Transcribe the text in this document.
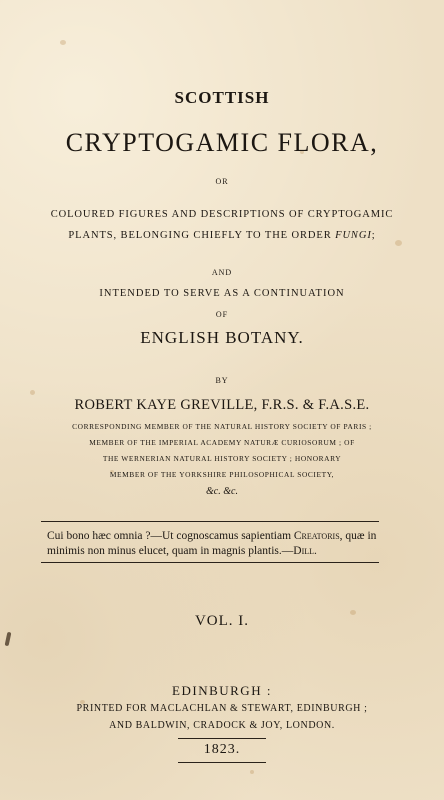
SCOTTISH
CRYPTOGAMIC FLORA,
OR
COLOURED FIGURES AND DESCRIPTIONS OF CRYPTOGAMIC
PLANTS, BELONGING CHIEFLY TO THE ORDER FUNGI;
AND
INTENDED TO SERVE AS A CONTINUATION
OF
ENGLISH BOTANY.
BY
ROBERT KAYE GREVILLE, F.R.S. & F.A.S.E.
CORRESPONDING MEMBER OF THE NATURAL HISTORY SOCIETY OF PARIS ;
MEMBER OF THE IMPERIAL ACADEMY NATURÆ CURIOSORUM ; OF
THE WERNERIAN NATURAL HISTORY SOCIETY ; HONORARY
MEMBER OF THE YORKSHIRE PHILOSOPHICAL SOCIETY,
&c. &c.
Cui bono hæc omnia ?—Ut cognoscamus sapientiam Creatoris, quæ in
minimis non minus elucet, quam in magnis plantis.—Dill.
VOL. I.
EDINBURGH :
PRINTED FOR MACLACHLAN & STEWART, EDINBURGH ;
AND BALDWIN, CRADOCK & JOY, LONDON.
1823.
